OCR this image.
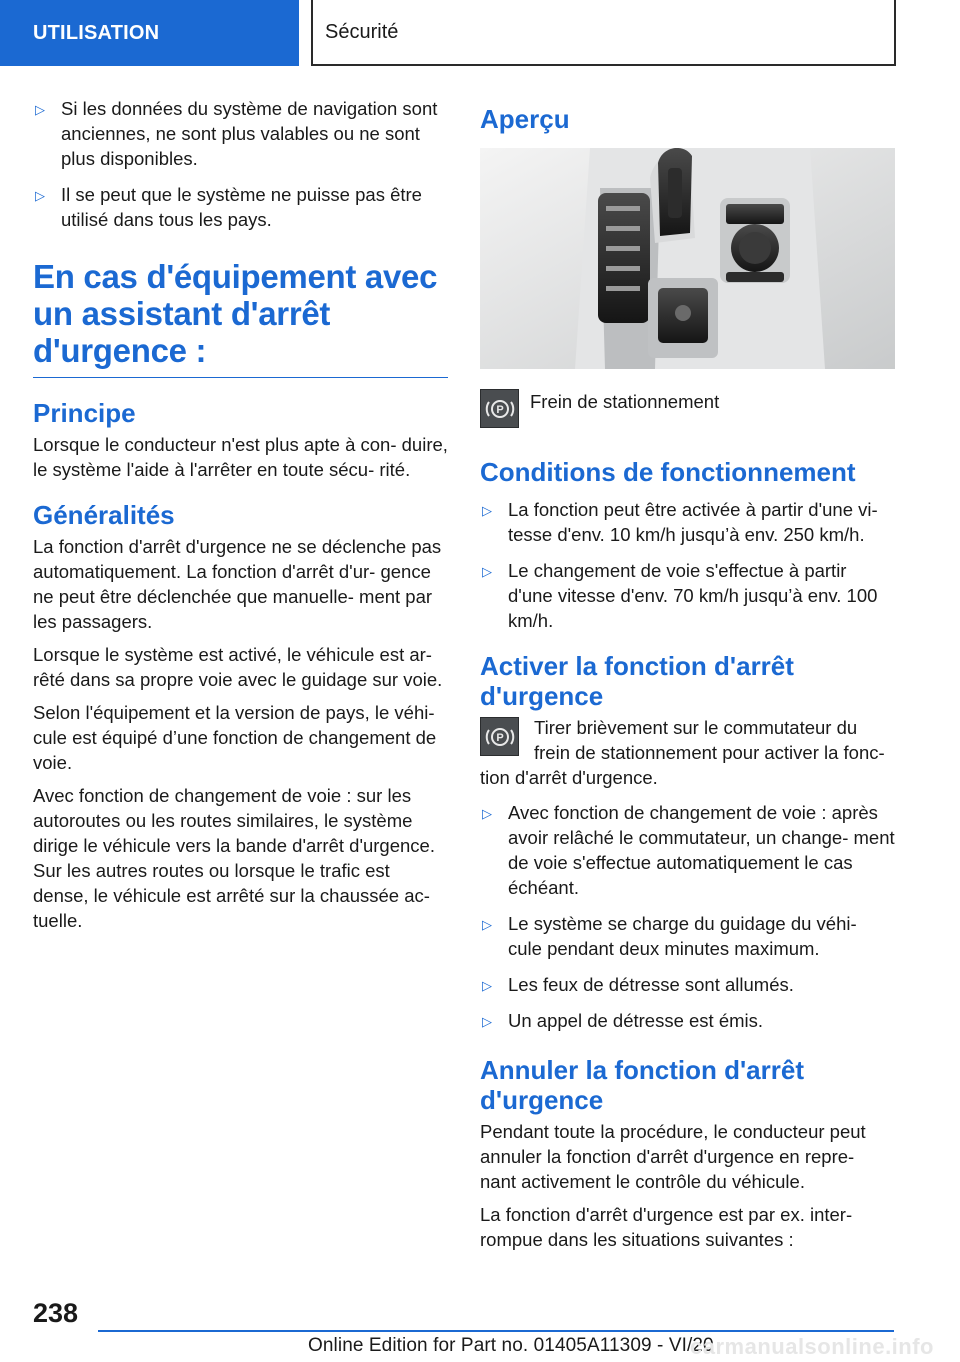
UTILISATION	Sécurité
▷ Si les données du système de navigation sont anciennes, ne sont plus valables ou ne sont plus disponibles.
▷ Il se peut que le système ne puisse pas être utilisé dans tous les pays.
En cas d'équipement avec un assistant d'arrêt d'urgence :
Principe

Lorsque le conducteur n'est plus apte à con- duire, le système l'aide à l'arrêter en toute sécu- rité.

Généralités

La fonction d'arrêt d'urgence ne se déclenche pas automatiquement. La fonction d'arrêt d'ur- gence ne peut être déclenchée que manuelle- ment par les passagers.

Lorsque le système est activé, le véhicule est ar- rêté dans sa propre voie avec le guidage sur voie.

Selon l'équipement et la version de pays, le véhi- cule est équipé d’une fonction de changement de voie.

Avec fonction de changement de voie : sur les autoroutes ou les routes similaires, le système dirige le véhicule vers la bande d'arrêt d'urgence. Sur les autres routes ou lorsque le trafic est dense, le véhicule est arrêté sur la chaussée ac- tuelle.

Aperçu
P	Frein de stationnement
Conditions de fonctionnement
▷ La fonction peut être activée à partir d'une vi- tesse d'env. 10 km/h jusqu’à env. 250 km/h.
▷ Le changement de voie s'effectue à partir d'une vitesse d'env. 70 km/h jusqu’à env. 100 km/h.
Activer la fonction d'arrêt d'urgence
P	Tirer brièvement sur le commutateur du frein de stationnement pour activer la fonc-
tion d'arrêt d'urgence.
▷ Avec fonction de changement de voie : après avoir relâché le commutateur, un change- ment de voie s'effectue automatiquement le cas échéant.
▷ Le système se charge du guidage du véhi- cule pendant deux minutes maximum.
▷ Les feux de détresse sont allumés.
▷ Un appel de détresse est émis.
Annuler la fonction d'arrêt d'urgence

Pendant toute la procédure, le conducteur peut annuler la fonction d'arrêt d'urgence en repre- nant activement le contrôle du véhicule.

La fonction d'arrêt d'urgence est par ex. inter- rompue dans les situations suivantes :

238
Online Edition for Part no. 01405A11309 - VI/20
carmanualsonline.info
